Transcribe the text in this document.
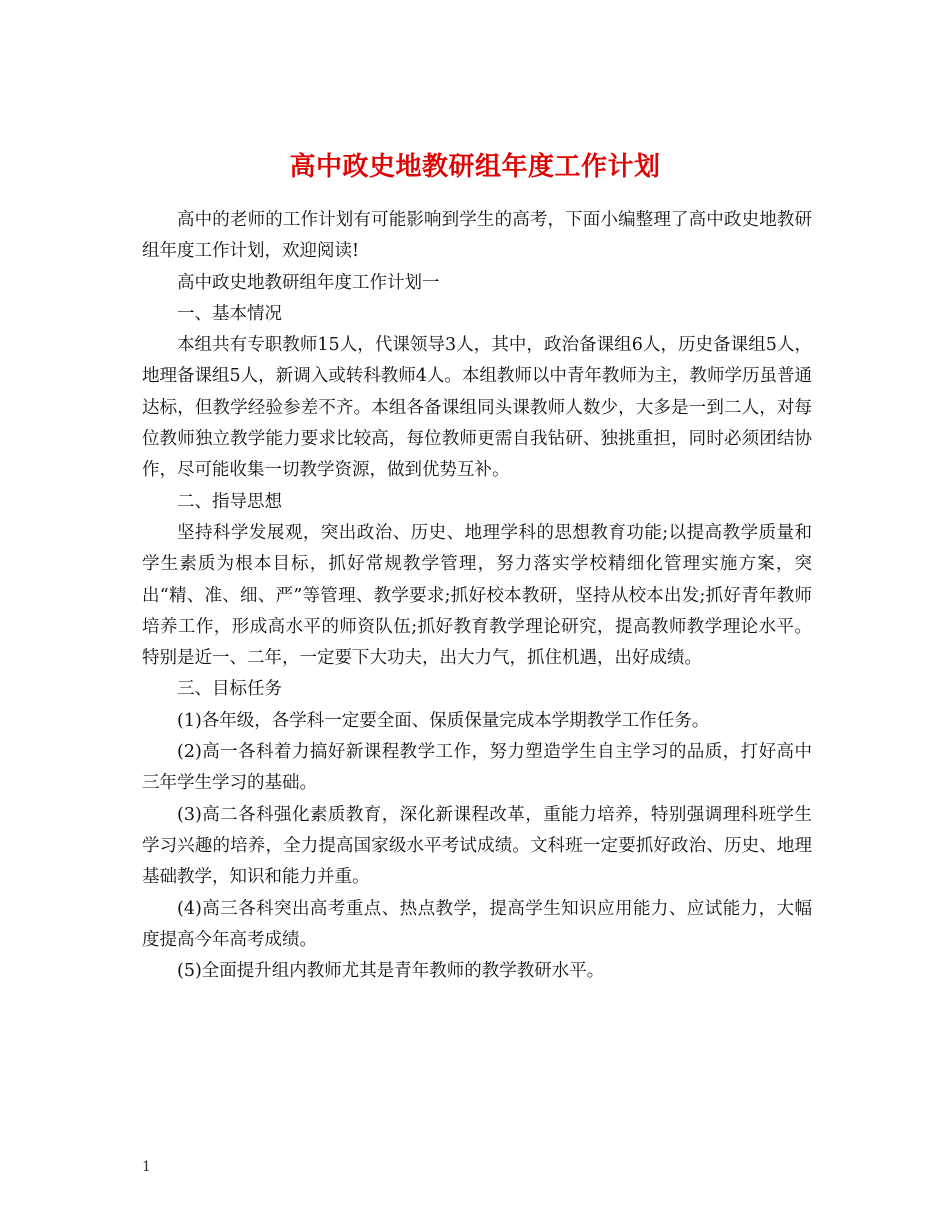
高中政史地教研组年度工作计划

高中的老师的工作计划有可能影响到学生的高考，下面小编整理了高中政史地教研组年度工作计划，欢迎阅读!

高中政史地教研组年度工作计划一

一、基本情况

本组共有专职教师15人，代课领导3人，其中，政治备课组6人，历史备课组5人，地理备课组5人，新调入或转科教师4人。本组教师以中青年教师为主，教师学历虽普通达标，但教学经验参差不齐。本组各备课组同头课教师人数少，大多是一到二人，对每位教师独立教学能力要求比较高，每位教师更需自我钻研、独挑重担，同时必须团结协作，尽可能收集一切教学资源，做到优势互补。

二、指导思想

坚持科学发展观，突出政治、历史、地理学科的思想教育功能;以提高教学质量和学生素质为根本目标，抓好常规教学管理，努力落实学校精细化管理实施方案，突出“精、准、细、严”等管理、教学要求;抓好校本教研，坚持从校本出发;抓好青年教师培养工作，形成高水平的师资队伍;抓好教育教学理论研究，提高教师教学理论水平。特别是近一、二年，一定要下大功夫，出大力气，抓住机遇，出好成绩。

三、目标任务

(1)各年级，各学科一定要全面、保质保量完成本学期教学工作任务。

(2)高一各科着力搞好新课程教学工作，努力塑造学生自主学习的品质，打好高中三年学生学习的基础。

(3)高二各科强化素质教育，深化新课程改革，重能力培养，特别强调理科班学生学习兴趣的培养，全力提高国家级水平考试成绩。文科班一定要抓好政治、历史、地理基础教学，知识和能力并重。

(4)高三各科突出高考重点、热点教学，提高学生知识应用能力、应试能力，大幅度提高今年高考成绩。

(5)全面提升组内教师尤其是青年教师的教学教研水平。

1
